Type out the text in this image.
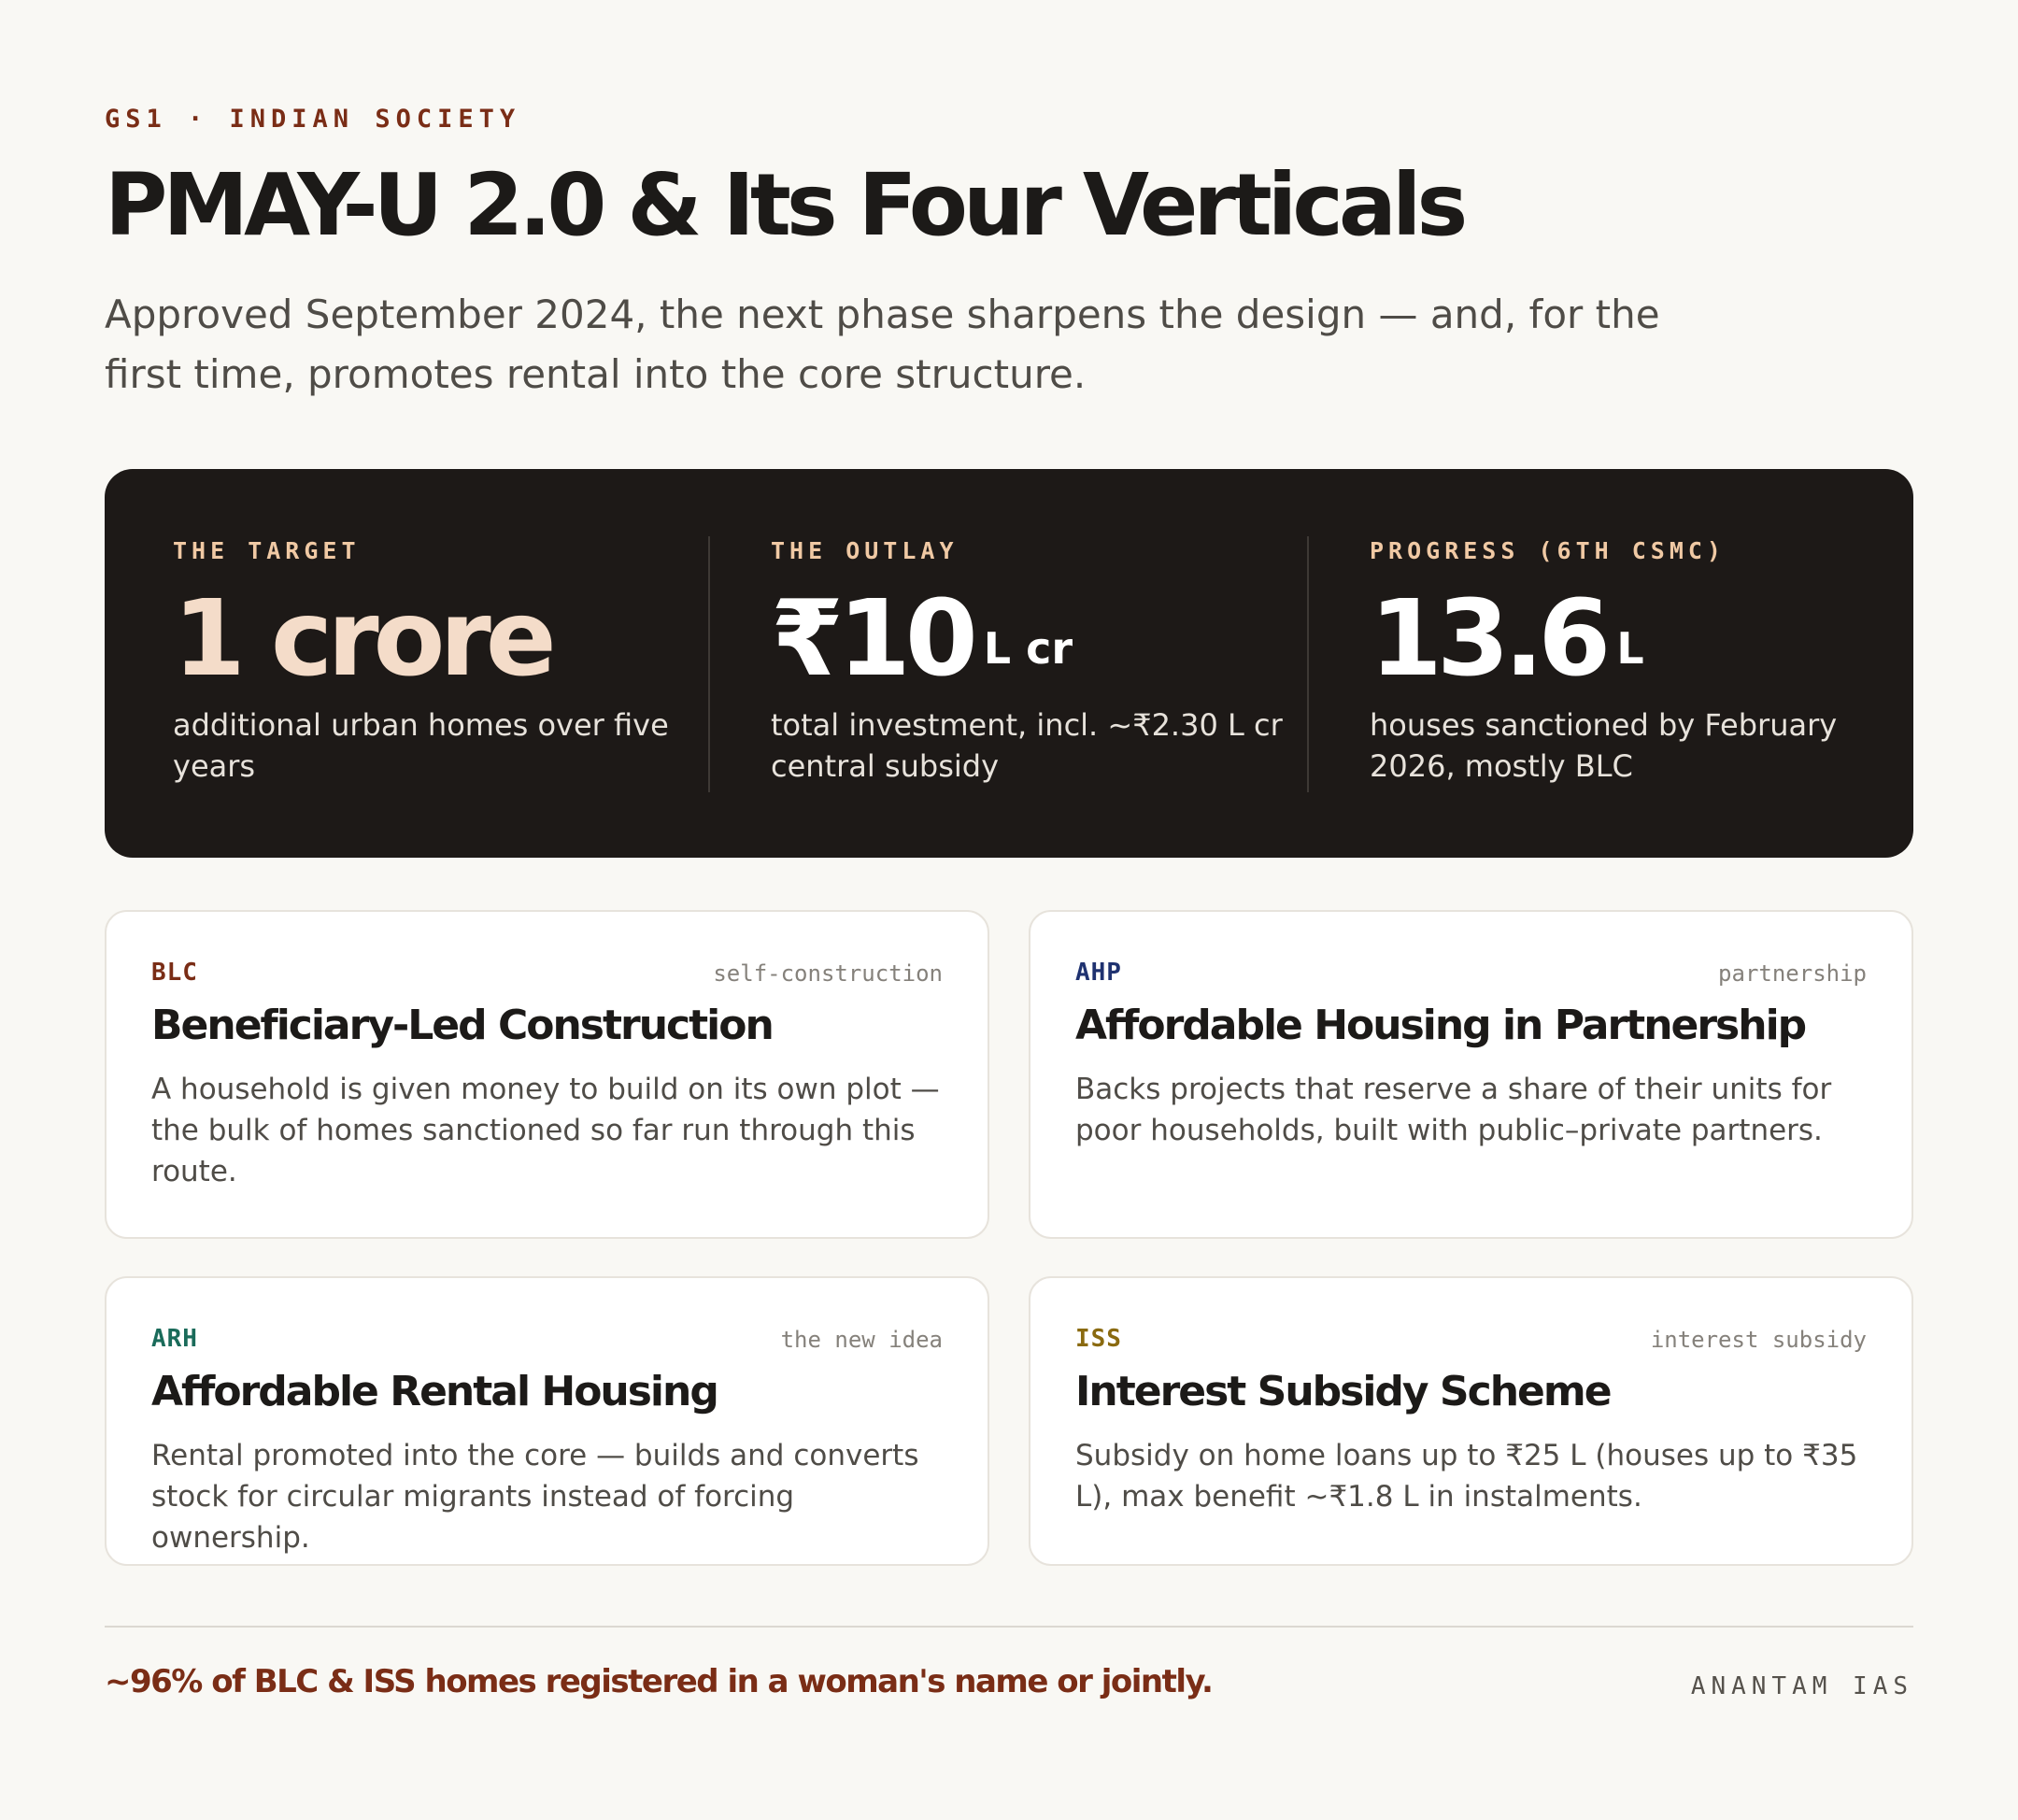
GS1 · INDIAN SOCIETY
PMAY-U 2.0 & Its Four Verticals

Approved September 2024, the next phase sharpens the design — and, for the first time, promotes rental into the core structure.

THE TARGET
1 crore
additional urban homes over five years
THE OUTLAY
₹10 $^{L cr}$
total investment, incl. ~₹2.30 L cr central subsidy
PROGRESS (6TH CSMC)
13.6 $^L$
houses sanctioned by February 2026, mostly BLC
BLC	self-construction
Beneficiary-Led Construction

A household is given money to build on its own plot — the bulk of homes sanctioned so far run through this route.

AHP	partnership
Affordable Housing in Partnership

Backs projects that reserve a share of their units for poor households, built with public–private partners.

ARH	the new idea
Affordable Rental Housing

Rental promoted into the core — builds and converts stock for circular migrants instead of forcing ownership.

ISS	interest subsidy
Interest Subsidy Scheme

Subsidy on home loans up to ₹25 L (houses up to ₹35 L), max benefit ~₹1.8 L in instalments.

~96% of BLC & ISS homes registered in a woman's name or jointly.	ANANTAM IAS
